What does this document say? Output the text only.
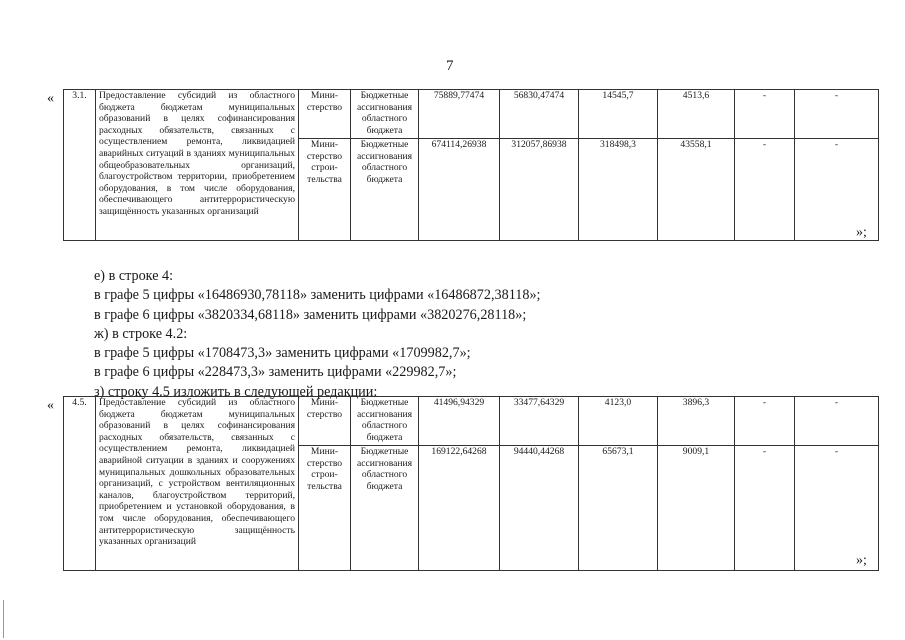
7
« 3.1.	Предоставление субсидий из областного бюджета бюджетам муниципальных образований в целях софинансирования расходных обязательств, связанных с осуществлением ремонта, ликвидацией аварийных ситуаций в зданиях муниципальных общеобразовательных организаций, благоустройством территории, приобретением оборудования, в том числе оборудования, обеспечивающего антитеррористическую защищённость указанных организаций	Мини-стерство	Бюджетные ассигнования областного бюджета	75889,77474	56830,47474	14545,7	4513,6	-	-
		Мини-стерство строи-тельства	Бюджетные ассигнования областного бюджета	674114,26938	312057,86938	318498,3	43558,1	-	-
»;
е) в строке 4:
в графе 5 цифры «16486930,78118» заменить цифрами «16486872,38118»;
в графе 6 цифры «3820334,68118» заменить цифрами «3820276,28118»;
ж) в строке 4.2:
в графе 5 цифры «1708473,3» заменить цифрами «1709982,7»;
в графе 6 цифры «228473,3» заменить цифрами «229982,7»;
з) строку 4.5 изложить в следующей редакции:
« 4.5.	Предоставление субсидий из областного бюджета бюджетам муниципальных образований в целях софинансирования расходных обязательств, связанных с осуществлением ремонта, ликвидацией аварийной ситуации в зданиях и сооружениях муниципальных дошкольных образовательных организаций, с устройством вентиляционных каналов, благоустройством территорий, приобретением и установкой оборудования, в том числе оборудования, обеспечивающего антитеррористическую защищённость указанных организаций	Мини-стерство	Бюджетные ассигнования областного бюджета	41496,94329	33477,64329	4123,0	3896,3	-	-
		Мини-стерство строи-тельства	Бюджетные ассигнования областного бюджета	169122,64268	94440,44268	65673,1	9009,1	-	-
»;
